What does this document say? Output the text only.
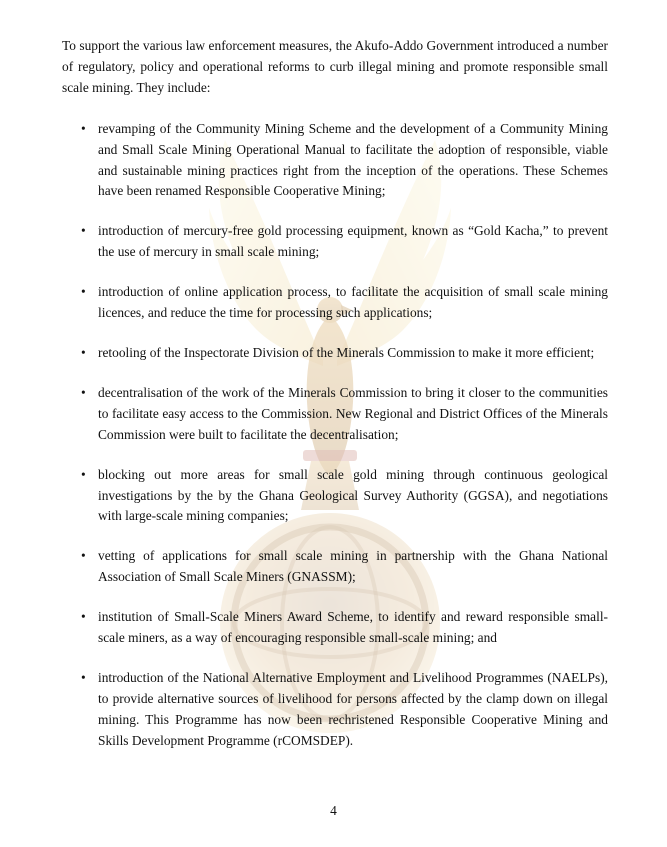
To support the various law enforcement measures, the Akufo-Addo Government introduced a number of regulatory, policy and operational reforms to curb illegal mining and promote responsible small scale mining. They include:

• revamping of the Community Mining Scheme and the development of a Community Mining and Small Scale Mining Operational Manual to facilitate the adoption of responsible, viable and sustainable mining practices right from the inception of the operations. These Schemes have been renamed Responsible Cooperative Mining;
• introduction of mercury-free gold processing equipment, known as “Gold Kacha,” to prevent the use of mercury in small scale mining;
• introduction of online application process, to facilitate the acquisition of small scale mining licences, and reduce the time for processing such applications;
• retooling of the Inspectorate Division of the Minerals Commission to make it more efficient;
• decentralisation of the work of the Minerals Commission to bring it closer to the communities to facilitate easy access to the Commission. New Regional and District Offices of the Minerals Commission were built to facilitate the decentralisation;
• blocking out more areas for small scale gold mining through continuous geological investigations by the by the Ghana Geological Survey Authority (GGSA), and negotiations with large-scale mining companies;
• vetting of applications for small scale mining in partnership with the Ghana National Association of Small Scale Miners (GNASSM);
• institution of Small-Scale Miners Award Scheme, to identify and reward responsible small-scale miners, as a way of encouraging responsible small-scale mining; and
• introduction of the National Alternative Employment and Livelihood Programmes (NAELPs), to provide alternative sources of livelihood for persons affected by the clamp down on illegal mining. This Programme has now been rechristened Responsible Cooperative Mining and Skills Development Programme (rCOMSDEP).
4
